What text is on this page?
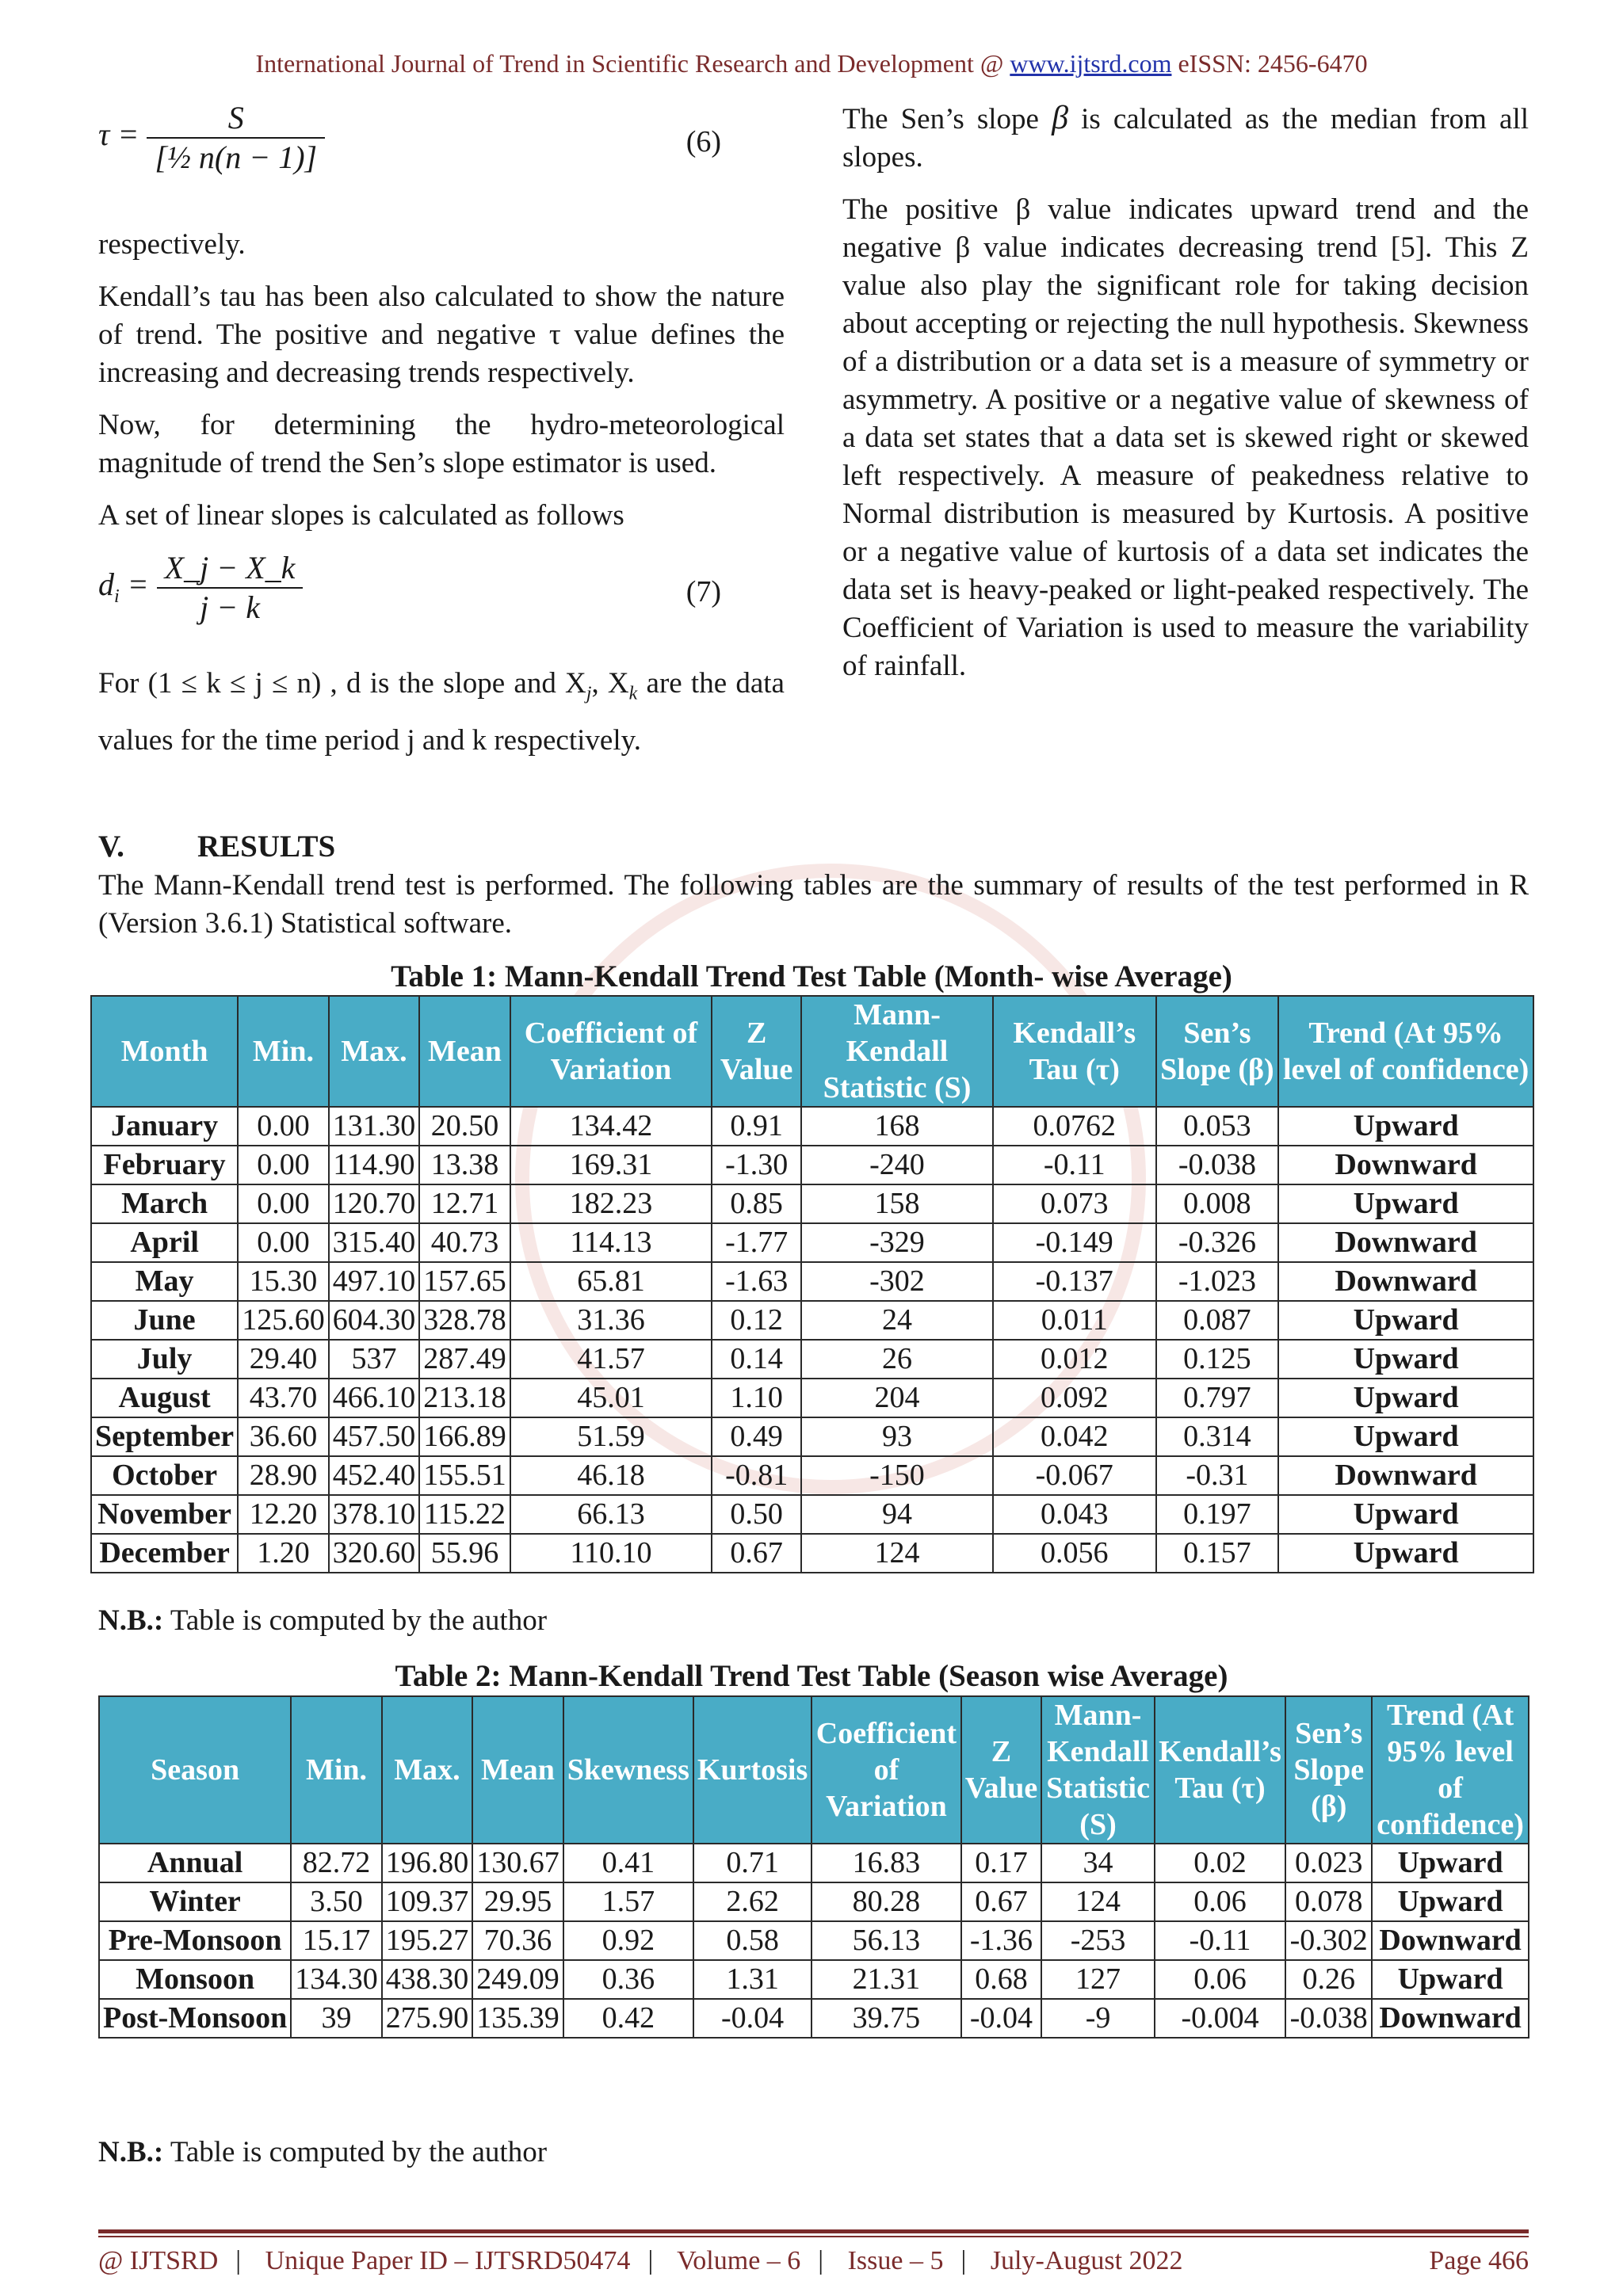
International Journal of Trend in Scientific Research and Development @ www.ijtsrd.com eISSN: 2456-6470
$\tau = \frac{S}{\text{[½ n(n − 1)]}}$	(6)

respectively.

Kendall’s tau has been also calculated to show the nature of trend. The positive and negative τ value defines the increasing and decreasing trends respectively.

Now, for determining the hydro-meteorological magnitude of trend the Sen’s slope estimator is used.

A set of linear slopes is calculated as follows

$d_i = \frac{X\_j - X\_k}{j - k}$	(7)

For (1 ≤ k ≤ j ≤ n) , d is the slope and $X_j$, $X_k$ are the data values for the time period j and k respectively.

The Sen’s slope β is calculated as the median from all slopes.

The positive β value indicates upward trend and the negative β value indicates decreasing trend [5]. This Z value also play the significant role for taking decision about accepting or rejecting the null hypothesis. Skewness of a distribution or a data set is a measure of symmetry or asymmetry. A positive or a negative value of skewness of a data set states that a data set is skewed right or skewed left respectively. A measure of peakedness relative to Normal distribution is measured by Kurtosis. A positive or a negative value of kurtosis of a data set indicates the data set is heavy-peaked or light-peaked respectively. The Coefficient of Variation is used to measure the variability of rainfall.

V. RESULTS
The Mann-Kendall trend test is performed. The following tables are the summary of results of the test performed in R (Version 3.6.1) Statistical software.
Table 1: Mann-Kendall Trend Test Table (Month- wise Average)
Month	Min.	Max.	Mean	Coefficient of Variation	Z Value	Mann-Kendall Statistic (S)	Kendall’s Tau (τ)	Sen’s Slope (β)	Trend (At 95% level of confidence)
January	0.00	131.30	20.50	134.42	0.91	168	0.0762	0.053	Upward
February	0.00	114.90	13.38	169.31	-1.30	-240	-0.11	-0.038	Downward
March	0.00	120.70	12.71	182.23	0.85	158	0.073	0.008	Upward
April	0.00	315.40	40.73	114.13	-1.77	-329	-0.149	-0.326	Downward
May	15.30	497.10	157.65	65.81	-1.63	-302	-0.137	-1.023	Downward
June	125.60	604.30	328.78	31.36	0.12	24	0.011	0.087	Upward
July	29.40	537	287.49	41.57	0.14	26	0.012	0.125	Upward
August	43.70	466.10	213.18	45.01	1.10	204	0.092	0.797	Upward
September	36.60	457.50	166.89	51.59	0.49	93	0.042	0.314	Upward
October	28.90	452.40	155.51	46.18	-0.81	-150	-0.067	-0.31	Downward
November	12.20	378.10	115.22	66.13	0.50	94	0.043	0.197	Upward
December	1.20	320.60	55.96	110.10	0.67	124	0.056	0.157	Upward
N.B.: Table is computed by the author
Table 2: Mann-Kendall Trend Test Table (Season wise Average)
Season	Min.	Max.	Mean	Skewness	Kurtosis	Coefficient of Variation	Z Value	Mann-Kendall Statistic (S)	Kendall’s Tau (τ)	Sen’s Slope (β)	Trend (At 95% level of confidence)
Annual	82.72	196.80	130.67	0.41	0.71	16.83	0.17	34	0.02	0.023	Upward
Winter	3.50	109.37	29.95	1.57	2.62	80.28	0.67	124	0.06	0.078	Upward
Pre-Monsoon	15.17	195.27	70.36	0.92	0.58	56.13	-1.36	-253	-0.11	-0.302	Downward
Monsoon	134.30	438.30	249.09	0.36	1.31	21.31	0.68	127	0.06	0.26	Upward
Post-Monsoon	39	275.90	135.39	0.42	-0.04	39.75	-0.04	-9	-0.004	-0.038	Downward
N.B.: Table is computed by the author
@ IJTSRD | Unique Paper ID – IJTSRD50474 | Volume – 6 | Issue – 5 | July-August 2022	Page 466
